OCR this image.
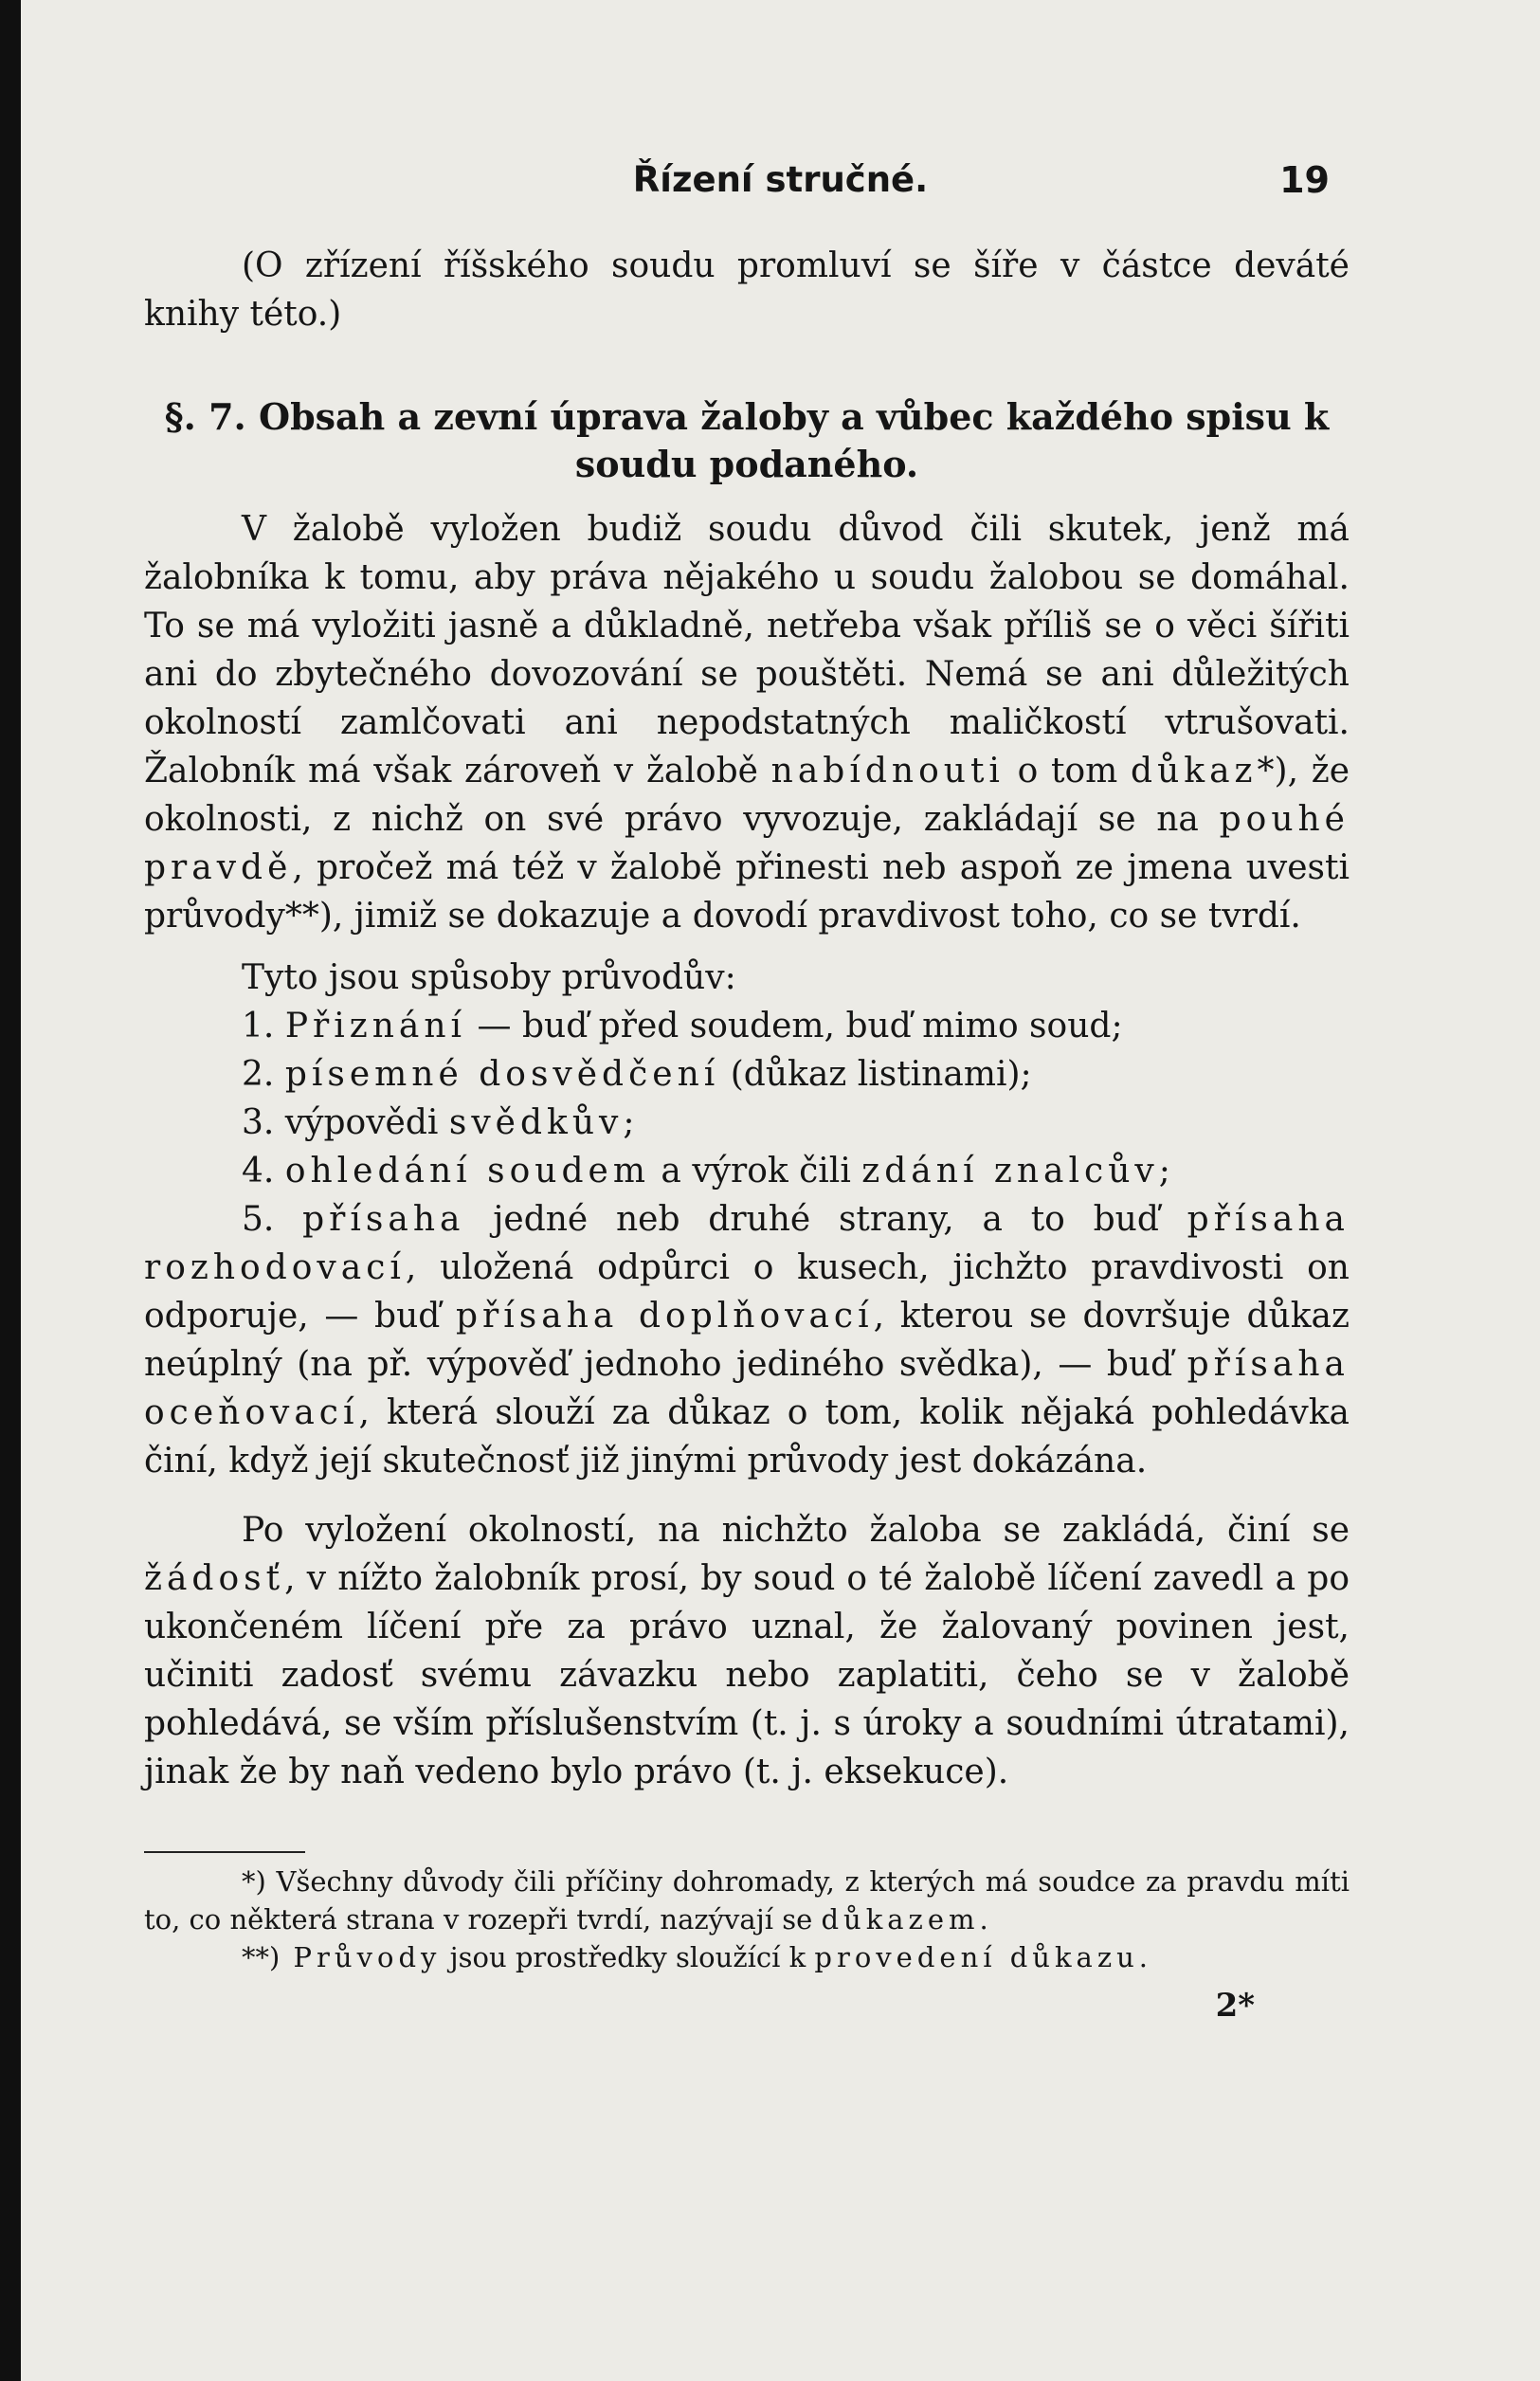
Řízení stručné.	19

(O zřízení říšského soudu promluví se šíře v částce deváté knihy této.)

§. 7. Obsah a zevní úprava žaloby a vůbec každého spisu k soudu podaného.

V žalobě vyložen budiž soudu důvod čili skutek, jenž má žalobníka k tomu, aby práva nějakého u soudu žalobou se domáhal. To se má vyložiti jasně a důkladně, netřeba však příliš se o věci šířiti ani do zbytečného dovozování se pouštěti. Nemá se ani důležitých okolností zamlčovati ani nepodstatných maličkostí vtrušovati. Žalobník má však zároveň v žalobě nabídnouti o tom důkaz*), že okolnosti, z nichž on své právo vyvozuje, zakládají se na pouhé pravdě, pročež má též v žalobě přinesti neb aspoň ze jmena uvesti průvody**), jimiž se dokazuje a dovodí pravdivost toho, co se tvrdí.

Tyto jsou spůsoby průvodův:
1. Přiznání — buď před soudem, buď mimo soud;
2. písemné dosvědčení (důkaz listinami);
3. výpovědi svědkův;
4. ohledání soudem a výrok čili zdání znalcův;
5. přísaha jedné neb druhé strany, a to buď přísaha rozhodovací, uložená odpůrci o kusech, jichžto pravdivosti on odporuje, — buď přísaha doplňovací, kterou se dovršuje důkaz neúplný (na př. výpověď jednoho jediného svědka), — buď přísaha oceňovací, která slouží za důkaz o tom, kolik nějaká pohledávka činí, když její skutečnosť již jinými průvody jest dokázána.

Po vyložení okolností, na nichžto žaloba se zakládá, činí se žádosť, v nížto žalobník prosí, by soud o té žalobě líčení zavedl a po ukončeném líčení pře za právo uznal, že žalovaný povinen jest, učiniti zadosť svému závazku nebo zaplatiti, čeho se v žalobě pohledává, se vším příslušenstvím (t. j. s úroky a soudními útratami), jinak že by naň vedeno bylo právo (t. j. eksekuce).

*) Všechny důvody čili příčiny dohromady, z kterých má soudce za pravdu míti to, co některá strana v rozepři tvrdí, nazývají se důkazem.

**) Průvody jsou prostředky sloužící k provedení důkazu.

2*
